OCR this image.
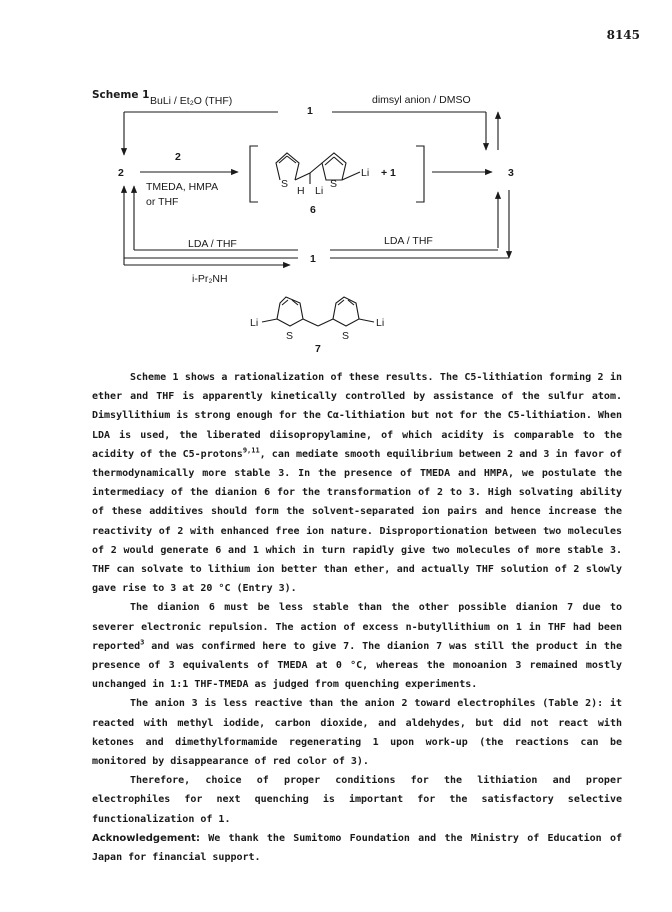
8145
Scheme 1 BuLi / Et₂O (THF)	dimsyl anion / DMSO
1
2
2
TMEDA, HMPA
or THF
S	S
H Li
Li + 1
6
3
LDA / THF	LDA / THF
1
i-Pr₂NH
Li
S	S
Li
7

Scheme 1 shows a rationalization of these results. The C5-lithiation forming 2 in ether and THF is apparently kinetically controlled by assistance of the sulfur atom. Dimsyllithium is strong enough for the Cα-lithiation but not for the C5-lithiation. When LDA is used, the liberated diisopropylamine, of which acidity is comparable to the acidity of the C5-protons$^{9,11}$, can mediate smooth equilibrium between 2 and 3 in favor of thermodynamically more stable 3. In the presence of TMEDA and HMPA, we postulate the intermediacy of the dianion 6 for the transformation of 2 to 3. High solvating ability of these additives should form the solvent-separated ion pairs and hence increase the reactivity of 2 with enhanced free ion nature. Disproportionation between two molecules of 2 would generate 6 and 1 which in turn rapidly give two molecules of more stable 3. THF can solvate to lithium ion better than ether, and actually THF solution of 2 slowly gave rise to 3 at 20 °C (Entry 3).

The dianion 6 must be less stable than the other possible dianion 7 due to severer electronic repulsion. The action of excess n-butyllithium on 1 in THF had been reported$^3$ and was confirmed here to give 7. The dianion 7 was still the product in the presence of 3 equivalents of TMEDA at 0 °C, whereas the monoanion 3 remained mostly unchanged in 1:1 THF-TMEDA as judged from quenching experiments.

The anion 3 is less reactive than the anion 2 toward electrophiles (Table 2): it reacted with methyl iodide, carbon dioxide, and aldehydes, but did not react with ketones and dimethylformamide regenerating 1 upon work-up (the reactions can be monitored by disappearance of red color of 3).

Therefore, choice of proper conditions for the lithiation and proper electrophiles for next quenching is important for the satisfactory selective functionalization of 1.

Acknowledgement: We thank the Sumitomo Foundation and the Ministry of Education of Japan for financial support.
